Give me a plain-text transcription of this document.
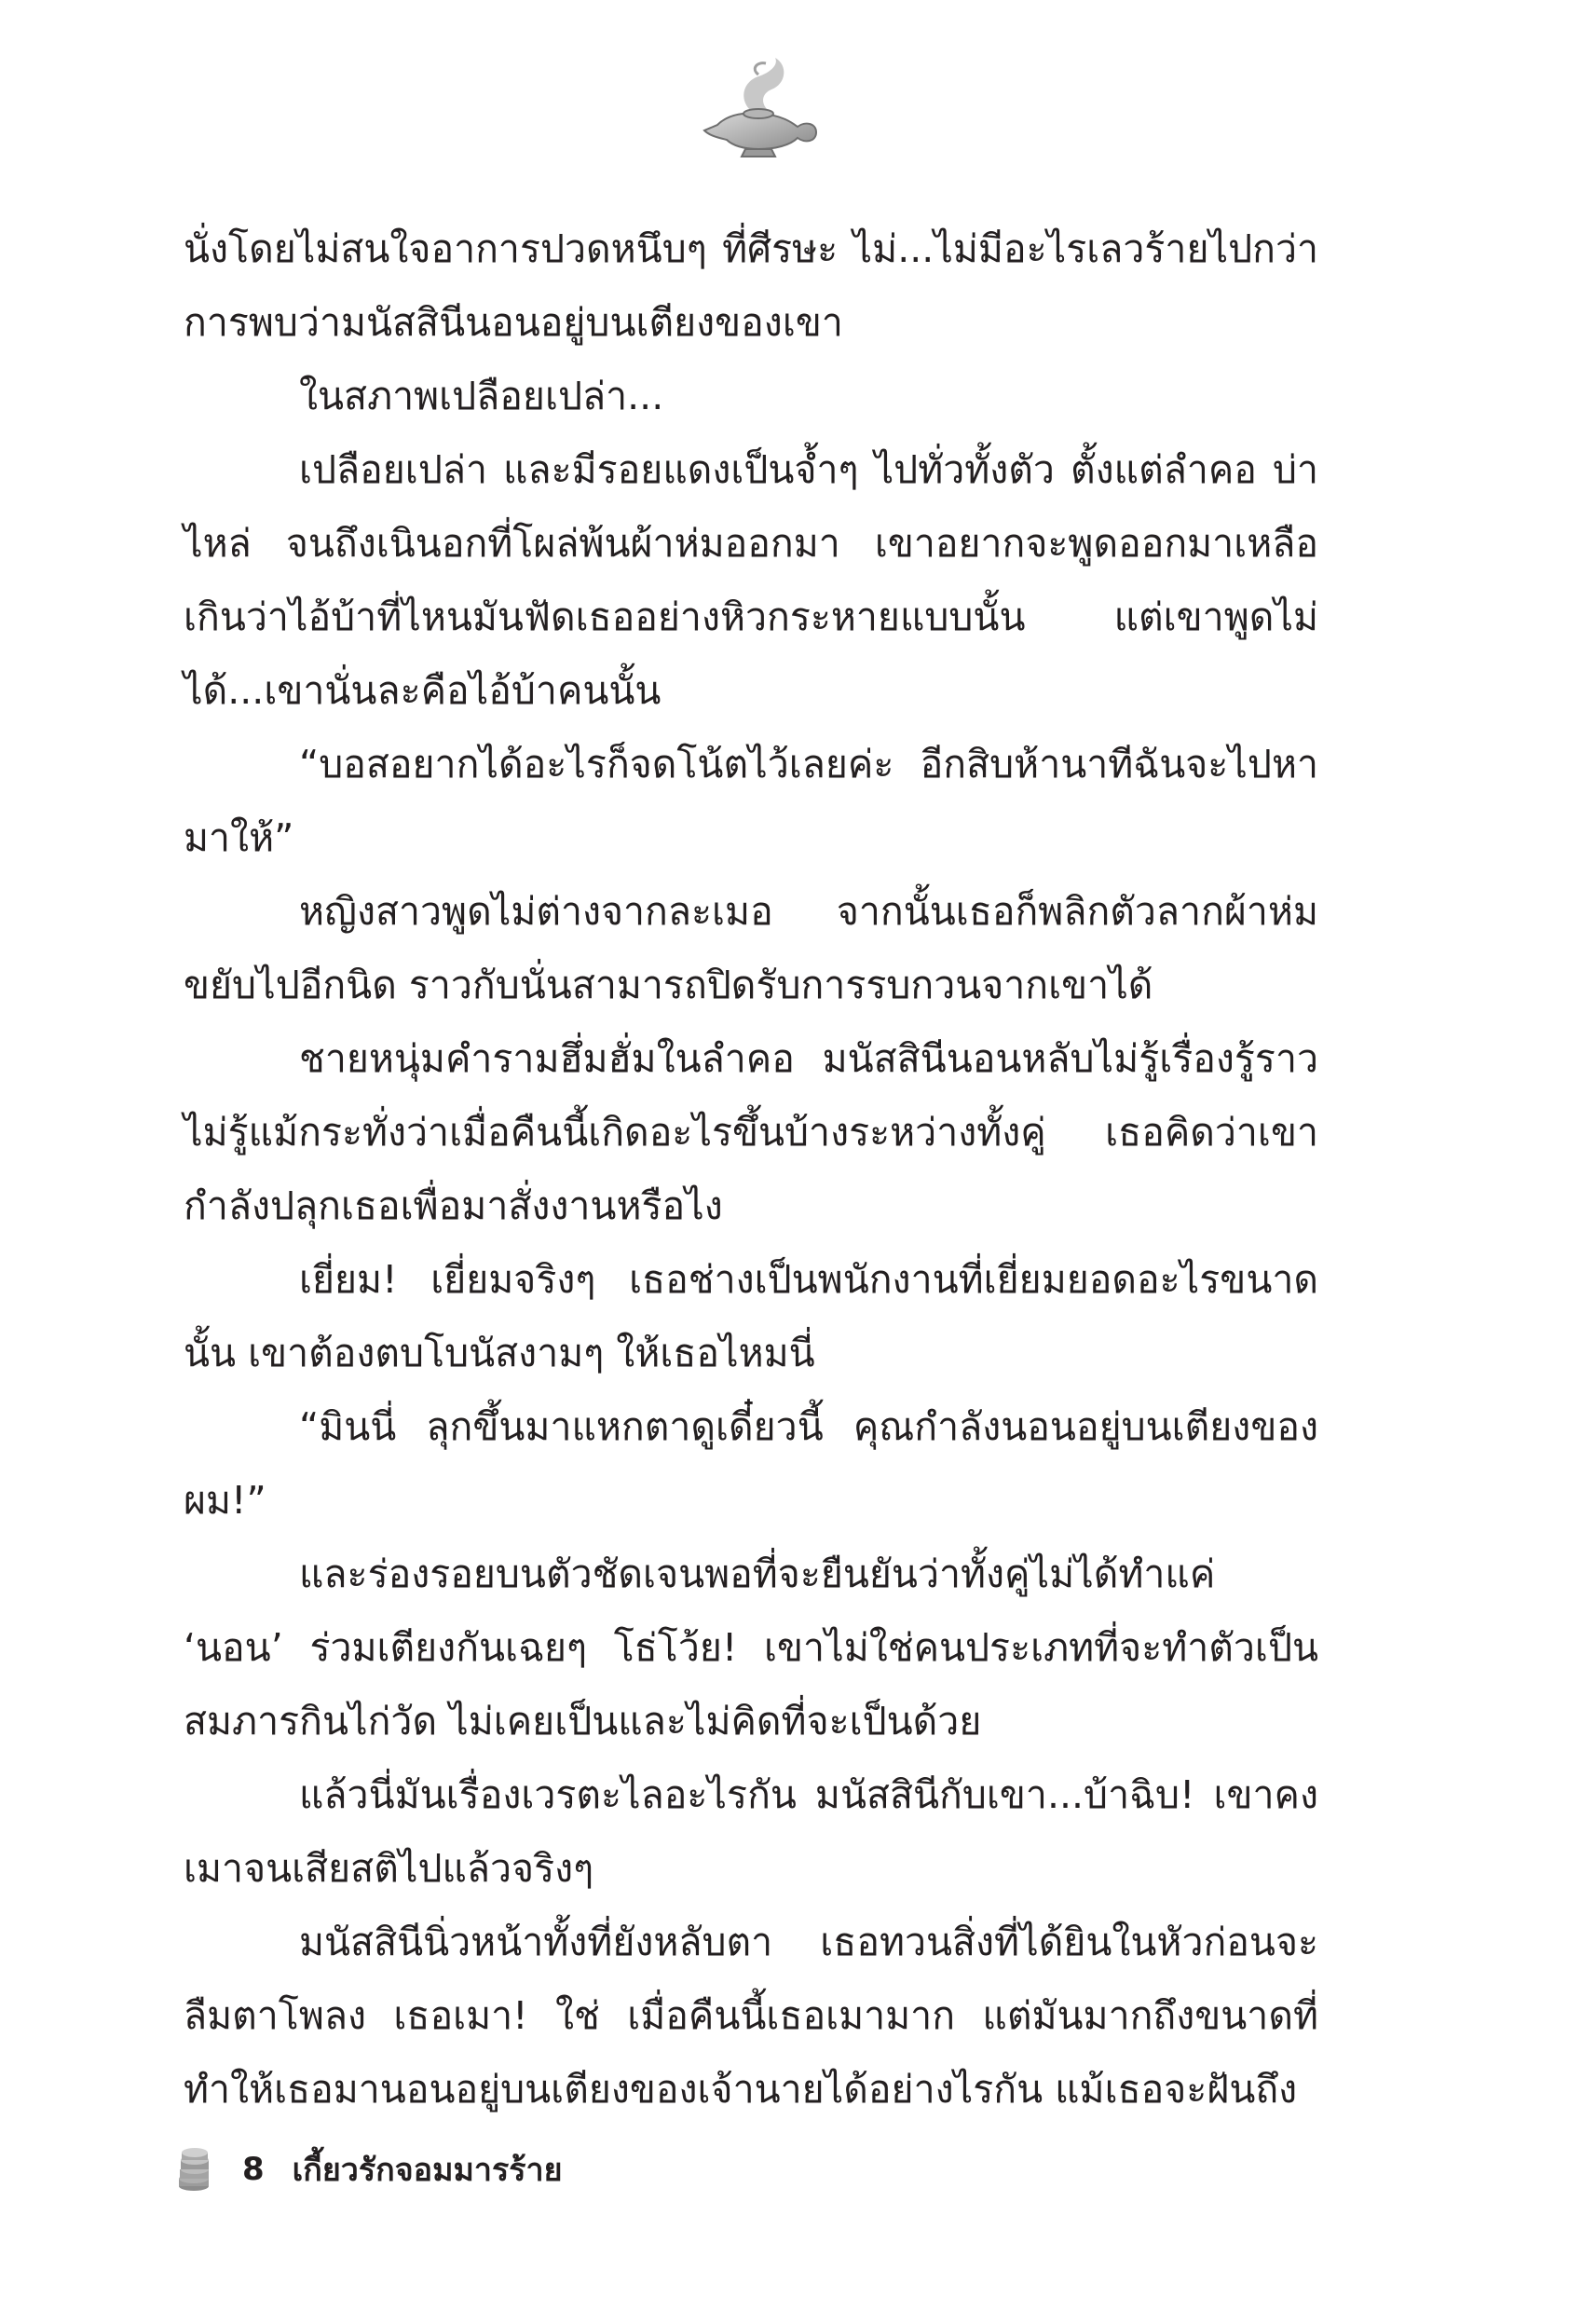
นั่งโดยไม่สนใจอาการปวดหนึบๆ ที่ศีรษะ ไม่...ไม่มีอะไรเลวร้ายไปกว่าการพบว่ามนัสสินีนอนอยู่บนเตียงของเขา

ในสภาพเปลือยเปล่า...

เปลือยเปล่า และมีรอยแดงเป็นจ้ำๆ ไปทั่วทั้งตัว ตั้งแต่ลำคอ บ่า ไหล่ จนถึงเนินอกที่โผล่พ้นผ้าห่มออกมา เขาอยากจะพูดออกมาเหลือเกินว่าไอ้บ้าที่ไหนมันฟัดเธออย่างหิวกระหายแบบนั้น แต่เขาพูดไม่ได้...เขานั่นละคือไอ้บ้าคนนั้น

“บอสอยากได้อะไรก็จดโน้ตไว้เลยค่ะ อีกสิบห้านาทีฉันจะไปหามาให้”

หญิงสาวพูดไม่ต่างจากละเมอ จากนั้นเธอก็พลิกตัวลากผ้าห่มขยับไปอีกนิด ราวกับนั่นสามารถปิดรับการรบกวนจากเขาได้

ชายหนุ่มคำรามฮึ่มฮั่มในลำคอ มนัสสินีนอนหลับไม่รู้เรื่องรู้ราวไม่รู้แม้กระทั่งว่าเมื่อคืนนี้เกิดอะไรขึ้นบ้างระหว่างทั้งคู่ เธอคิดว่าเขากำลังปลุกเธอเพื่อมาสั่งงานหรือไง

เยี่ยม! เยี่ยมจริงๆ เธอช่างเป็นพนักงานที่เยี่ยมยอดอะไรขนาดนั้น เขาต้องตบโบนัสงามๆ ให้เธอไหมนี่

“มินนี่ ลุกขึ้นมาแหกตาดูเดี๋ยวนี้ คุณกำลังนอนอยู่บนเตียงของผม!”

และร่องรอยบนตัวชัดเจนพอที่จะยืนยันว่าทั้งคู่ไม่ได้ทำแค่ ‘นอน’ ร่วมเตียงกันเฉยๆ โธ่โว้ย! เขาไม่ใช่คนประเภทที่จะทำตัวเป็นสมภารกินไก่วัด ไม่เคยเป็นและไม่คิดที่จะเป็นด้วย

แล้วนี่มันเรื่องเวรตะไลอะไรกัน มนัสสินีกับเขา...บ้าฉิบ! เขาคงเมาจนเสียสติไปแล้วจริงๆ

มนัสสินีนิ่วหน้าทั้งที่ยังหลับตา เธอทวนสิ่งที่ได้ยินในหัวก่อนจะลืมตาโพลง เธอเมา! ใช่ เมื่อคืนนี้เธอเมามาก แต่มันมากถึงขนาดที่ทำให้เธอมานอนอยู่บนเตียงของเจ้านายได้อย่างไรกัน แม้เธอจะฝันถึง

8 เกี้ยวรักจอมมารร้าย
